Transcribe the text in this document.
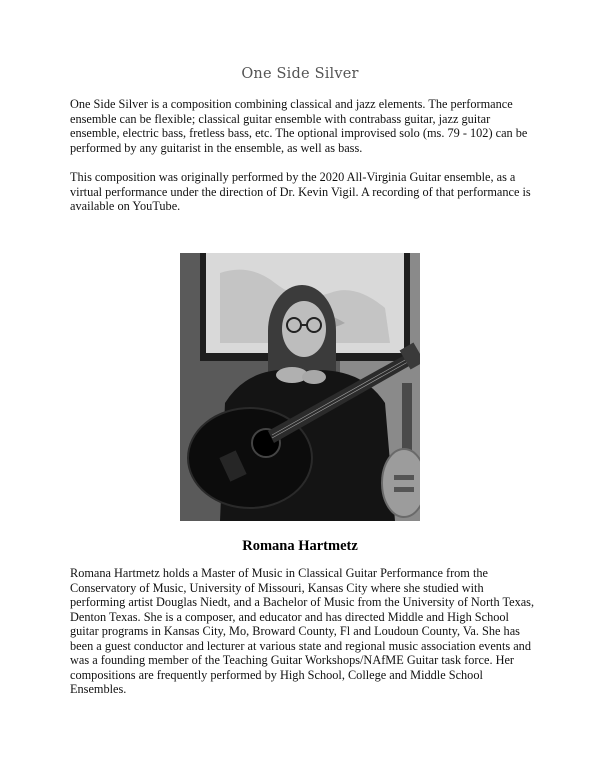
One Side Silver

One Side Silver is a composition combining classical and jazz elements. The performance ensemble can be flexible; classical guitar ensemble with contrabass guitar, jazz guitar ensemble, electric bass, fretless bass, etc. The optional improvised solo (ms. 79 - 102) can be performed by any guitarist in the ensemble, as well as bass.

This composition was originally performed by the 2020 All-Virginia Guitar ensemble, as a virtual performance under the direction of Dr. Kevin Vigil. A recording of that performance is available on YouTube.

Romana Hartmetz

Romana Hartmetz holds a Master of Music in Classical Guitar Performance from the Conservatory of Music, University of Missouri, Kansas City where she studied with performing artist Douglas Niedt, and a Bachelor of Music from the University of North Texas, Denton Texas. She is a composer, and educator and has directed Middle and High School guitar programs in Kansas City, Mo, Broward County, Fl and Loudoun County, Va. She has been a guest conductor and lecturer at various state and regional music association events and was a founding member of the Teaching Guitar Workshops/NAfME Guitar task force. Her compositions are frequently performed by High School, College and Middle School Ensembles.
